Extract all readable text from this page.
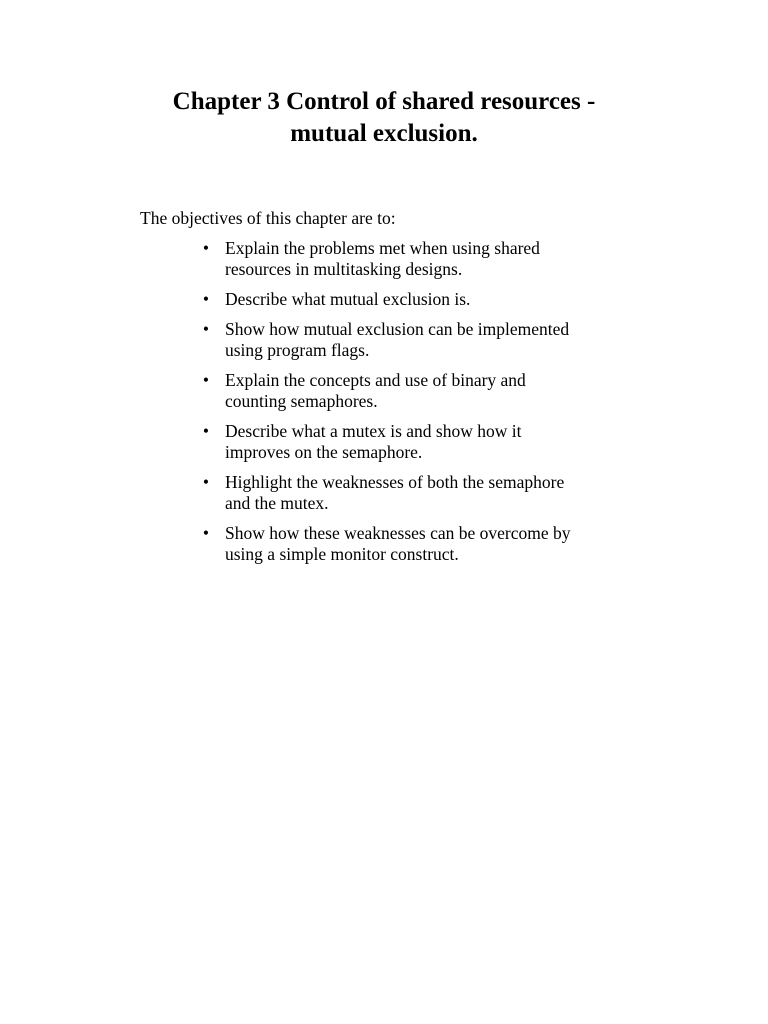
Chapter 3 Control of shared resources -
mutual exclusion.

The objectives of this chapter are to:

• Explain the problems met when using shared
resources in multitasking designs.
• Describe what mutual exclusion is.
• Show how mutual exclusion can be implemented
using program flags.
• Explain the concepts and use of binary and
counting semaphores.
• Describe what a mutex is and show how it
improves on the semaphore.
• Highlight the weaknesses of both the semaphore
and the mutex.
• Show how these weaknesses can be overcome by
using a simple monitor construct.
